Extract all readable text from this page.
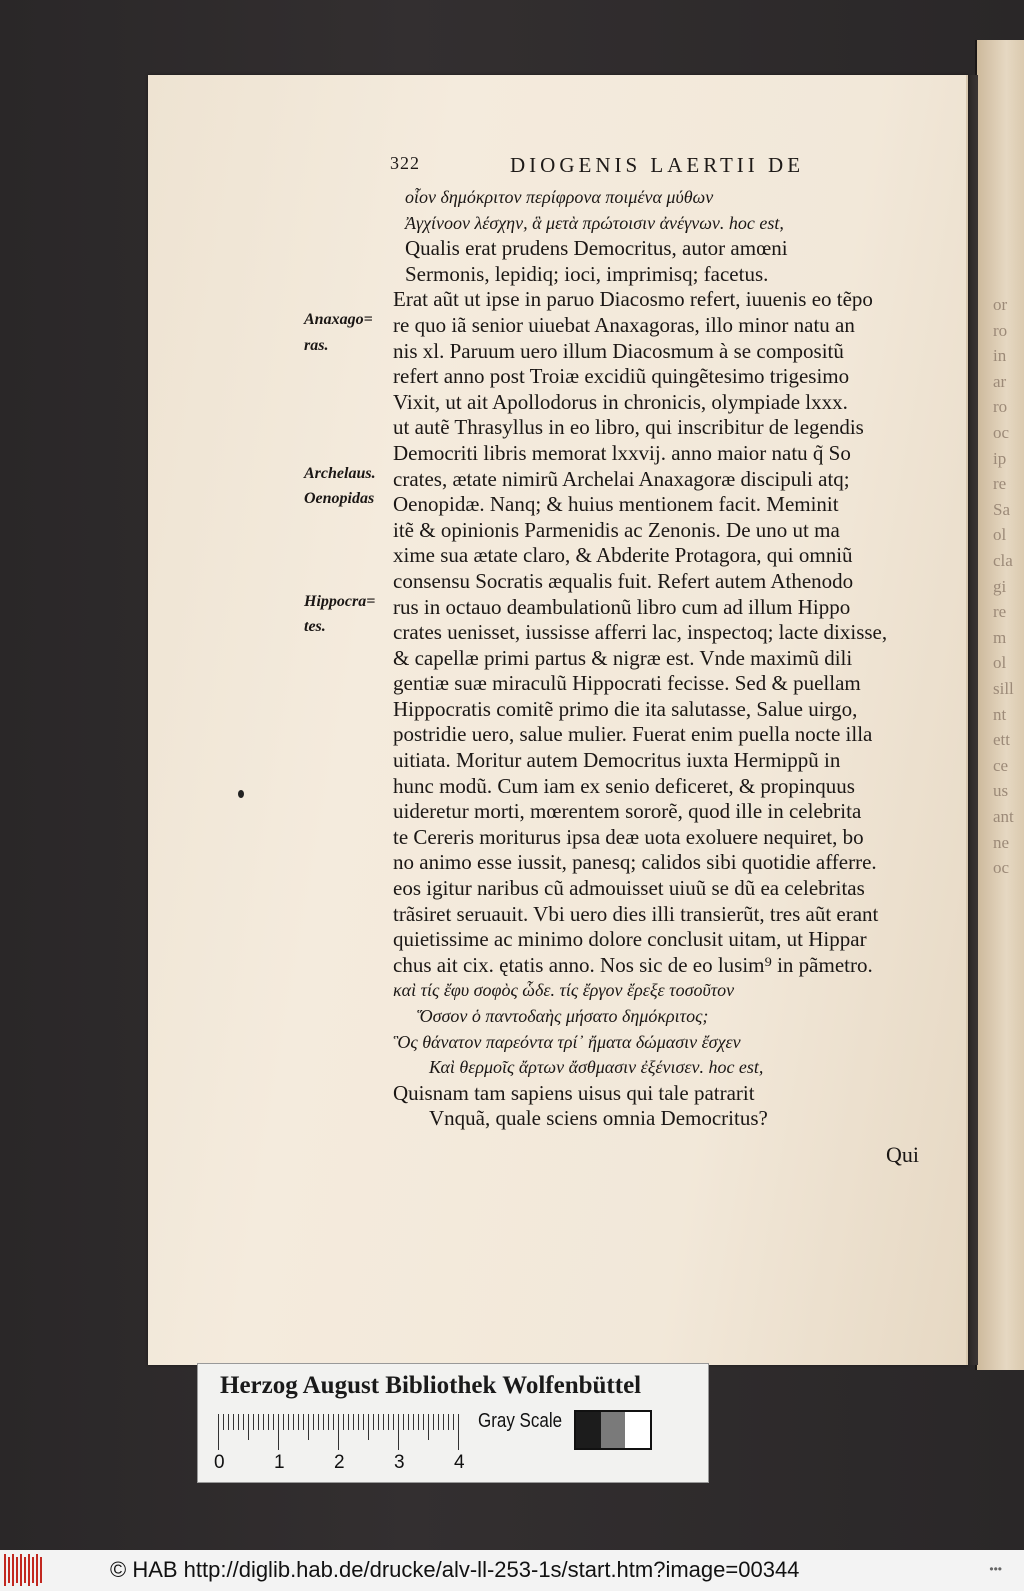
or
ro
in
ar
ro
oc
ip
re
Sa
ol
cla
gi
re
m
ol
sill
nt
ett
ce
us
ant
ne
oc
322	DIOGENIS LAERTII DE
Anaxago=
ras.
Archelaus.
Oenopidas
Hippocra=
tes.
οἷον δημόκριτον περίφρονα ποιμένα μύθων
Ἀγχίνοον λέσχην, ἃ μετὰ πρώτοισιν ἀνέγνων. hoc est,
Qualis erat prudens Democritus, autor amœni
Sermonis, lepidiq; ioci, imprimisq; facetus.
Erat aũt ut ipse in paruo Diacosmo refert, iuuenis eo tẽpo
re quo iã senior uiuebat Anaxagoras, illo minor natu an
nis xl. Paruum uero illum Diacosmum à se compositũ
refert anno post Troiæ excidiũ quingẽtesimo trigesimo
Vixit, ut ait Apollodorus in chronicis, olympiade lxxx.
ut autẽ Thrasyllus in eo libro, qui inscribitur de legendis
Democriti libris memorat lxxvij. anno maior natu q̃ So
crates, ætate nimirũ Archelai Anaxagoræ discipuli atq;
Oenopidæ. Nanq; & huius mentionem facit. Meminit
itẽ & opinionis Parmenidis ac Zenonis. De uno ut ma
xime sua ætate claro, & Abderite Protagora, qui omniũ
consensu Socratis æqualis fuit. Refert autem Athenodo
rus in octauo deambulationũ libro cum ad illum Hippo
crates uenisset, iussisse afferri lac, inspectoq; lacte dixisse,
& capellæ primi partus & nigræ est. Vnde maximũ dili
gentiæ suæ miraculũ Hippocrati fecisse. Sed & puellam
Hippocratis comitẽ primo die ita salutasse, Salue uirgo,
postridie uero, salue mulier. Fuerat enim puella nocte illa
uitiata. Moritur autem Democritus iuxta Hermippũ in
hunc modũ. Cum iam ex senio deficeret, & propinquus
uideretur morti, mœrentem sororẽ, quod ille in celebrita
te Cereris moriturus ipsa deæ uota exoluere nequiret, bo
no animo esse iussit, panesq; calidos sibi quotidie afferre.
eos igitur naribus cũ admouisset uiuũ se dũ ea celebritas
trãsiret seruauit. Vbi uero dies illi transierũt, tres aũt erant
quietissime ac minimo dolore conclusit uitam, ut Hippar
chus ait cix. ętatis anno. Nos sic de eo lusim⁹ in pãmetro.
καὶ τίς ἔφυ σοφὸς ὧδε. τίς ἔργον ἔρεξε τοσοῦτον
Ὅσσον ὁ παντοδαὴς μήσατο δημόκριτος;
Ὃς θάνατον παρεόντα τρί᾽ ἤματα δώμασιν ἔσχεν
Καὶ θερμοῖς ἄρτων ἄσθμασιν ἐξένισεν. hoc est,
Quisnam tam sapiens uisus qui tale patrarit
Vnquã, quale sciens omnia Democritus?
Qui
Herzog August Bibliothek Wolfenbüttel
Gray Scale
0	1	2	3	4
© HAB http://diglib.hab.de/drucke/alv-ll-253-1s/start.htm?image=00344	•••
